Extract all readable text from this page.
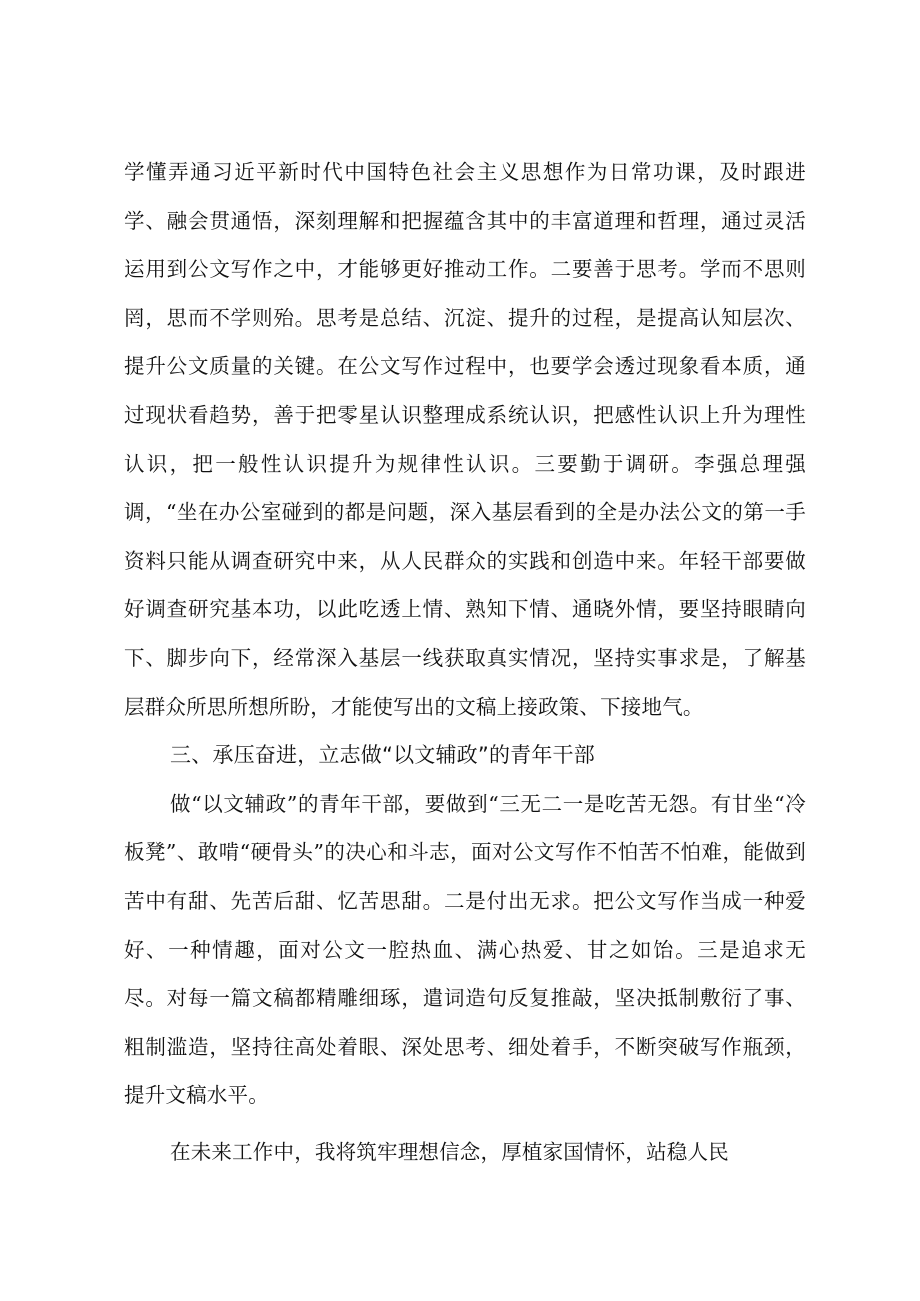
学懂弄通习近平新时代中国特色社会主义思想作为日常功课，及时跟进学、融会贯通悟，深刻理解和把握蕴含其中的丰富道理和哲理，通过灵活运用到公文写作之中，才能够更好推动工作。二要善于思考。学而不思则罔，思而不学则殆。思考是总结、沉淀、提升的过程，是提高认知层次、提升公文质量的关键。在公文写作过程中，也要学会透过现象看本质，通过现状看趋势，善于把零星认识整理成系统认识，把感性认识上升为理性认识，把一般性认识提升为规律性认识。三要勤于调研。李强总理强调，“坐在办公室碰到的都是问题，深入基层看到的全是办法公文的第一手资料只能从调查研究中来，从人民群众的实践和创造中来。年轻干部要做好调查研究基本功，以此吃透上情、熟知下情、通晓外情，要坚持眼睛向下、脚步向下，经常深入基层一线获取真实情况，坚持实事求是，了解基层群众所思所想所盼，才能使写出的文稿上接政策、下接地气。

三、承压奋进，立志做“以文辅政”的青年干部

做“以文辅政”的青年干部，要做到“三无二一是吃苦无怨。有甘坐“冷板凳”、敢啃“硬骨头”的决心和斗志，面对公文写作不怕苦不怕难，能做到苦中有甜、先苦后甜、忆苦思甜。二是付出无求。把公文写作当成一种爱好、一种情趣，面对公文一腔热血、满心热爱、甘之如饴。三是追求无尽。对每一篇文稿都精雕细琢，遣词造句反复推敲，坚决抵制敷衍了事、粗制滥造，坚持往高处着眼、深处思考、细处着手，不断突破写作瓶颈，提升文稿水平。

在未来工作中，我将筑牢理想信念，厚植家国情怀，站稳人民
